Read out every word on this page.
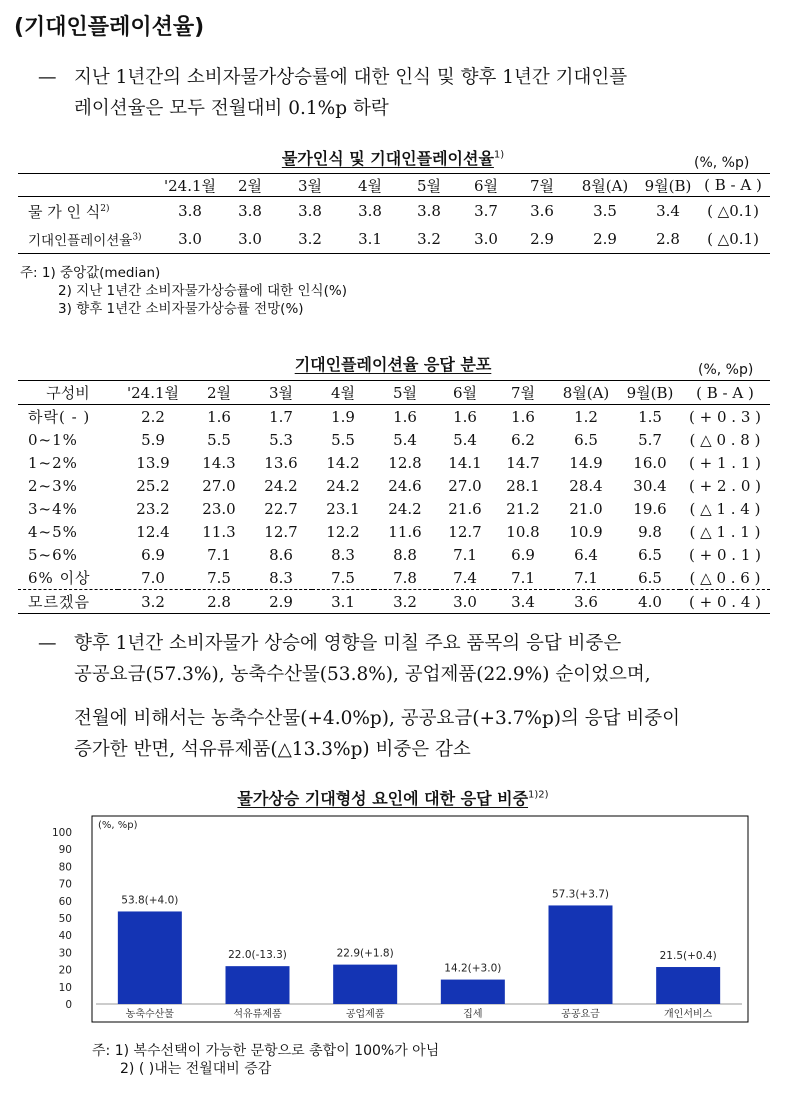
(기대인플레이션율)
— 지난 1년간의 소비자물가상승률에 대한 인식 및 향후 1년간 기대인플
레이션율은 모두 전월대비 0.1%p 하락
물가인식 및 기대인플레이션율$^{1)}$	(%, %p)
	'24.1월	2월	3월	4월	5월	6월	7월	8월(A)	9월(B)	( B - A )
물 가 인 식$^{2)}$	3.8	3.8	3.8	3.8	3.8	3.7	3.6	3.5	3.4	( △0.1)
기대인플레이션율$^{3)}$	3.0	3.0	3.2	3.1	3.2	3.0	2.9	2.9	2.8	( △0.1)
주: 1) 중앙값(median)
2) 지난 1년간 소비자물가상승률에 대한 인식(%)
3) 향후 1년간 소비자물가상승률 전망(%)
기대인플레이션율 응답 분포	(%, %p)
구성비	'24.1월	2월	3월	4월	5월	6월	7월	8월(A)	9월(B)	( B - A )
하락( - )	2.2	1.6	1.7	1.9	1.6	1.6	1.6	1.2	1.5	( + 0 . 3 )
0~1%	5.9	5.5	5.3	5.5	5.4	5.4	6.2	6.5	5.7	( △ 0 . 8 )
1~2%	13.9	14.3	13.6	14.2	12.8	14.1	14.7	14.9	16.0	( + 1 . 1 )
2~3%	25.2	27.0	24.2	24.2	24.6	27.0	28.1	28.4	30.4	( + 2 . 0 )
3~4%	23.2	23.0	22.7	23.1	24.2	21.6	21.2	21.0	19.6	( △ 1 . 4 )
4~5%	12.4	11.3	12.7	12.2	11.6	12.7	10.8	10.9	9.8	( △ 1 . 1 )
5~6%	6.9	7.1	8.6	8.3	8.8	7.1	6.9	6.4	6.5	( + 0 . 1 )
6% 이상	7.0	7.5	8.3	7.5	7.8	7.4	7.1	7.1	6.5	( △ 0 . 6 )
모르겠음	3.2	2.8	2.9	3.1	3.2	3.0	3.4	3.6	4.0	( + 0 . 4 )
— 향후 1년간 소비자물가 상승에 영향을 미칠 주요 품목의 응답 비중은
공공요금(57.3%), 농축수산물(53.8%), 공업제품(22.9%) 순이었으며,
전월에 비해서는 농축수산물(+4.0%p), 공공요금(+3.7%p)의 응답 비중이
증가한 반면, 석유류제품(△13.3%p) 비중은 감소
물가상승 기대형성 요인에 대한 응답 비중$^{1)2)}$
(%, %p)
0
10
20
30
40
50
60
70
80
90
100
53.8(+4.0)
농축수산물
22.0(-13.3)
석유류제품
22.9(+1.8)
공업제품
14.2(+3.0)
집세
57.3(+3.7)
공공요금
21.5(+0.4)
개인서비스
주: 1) 복수선택이 가능한 문항으로 총합이 100%가 아님
2) ( )내는 전월대비 증감
